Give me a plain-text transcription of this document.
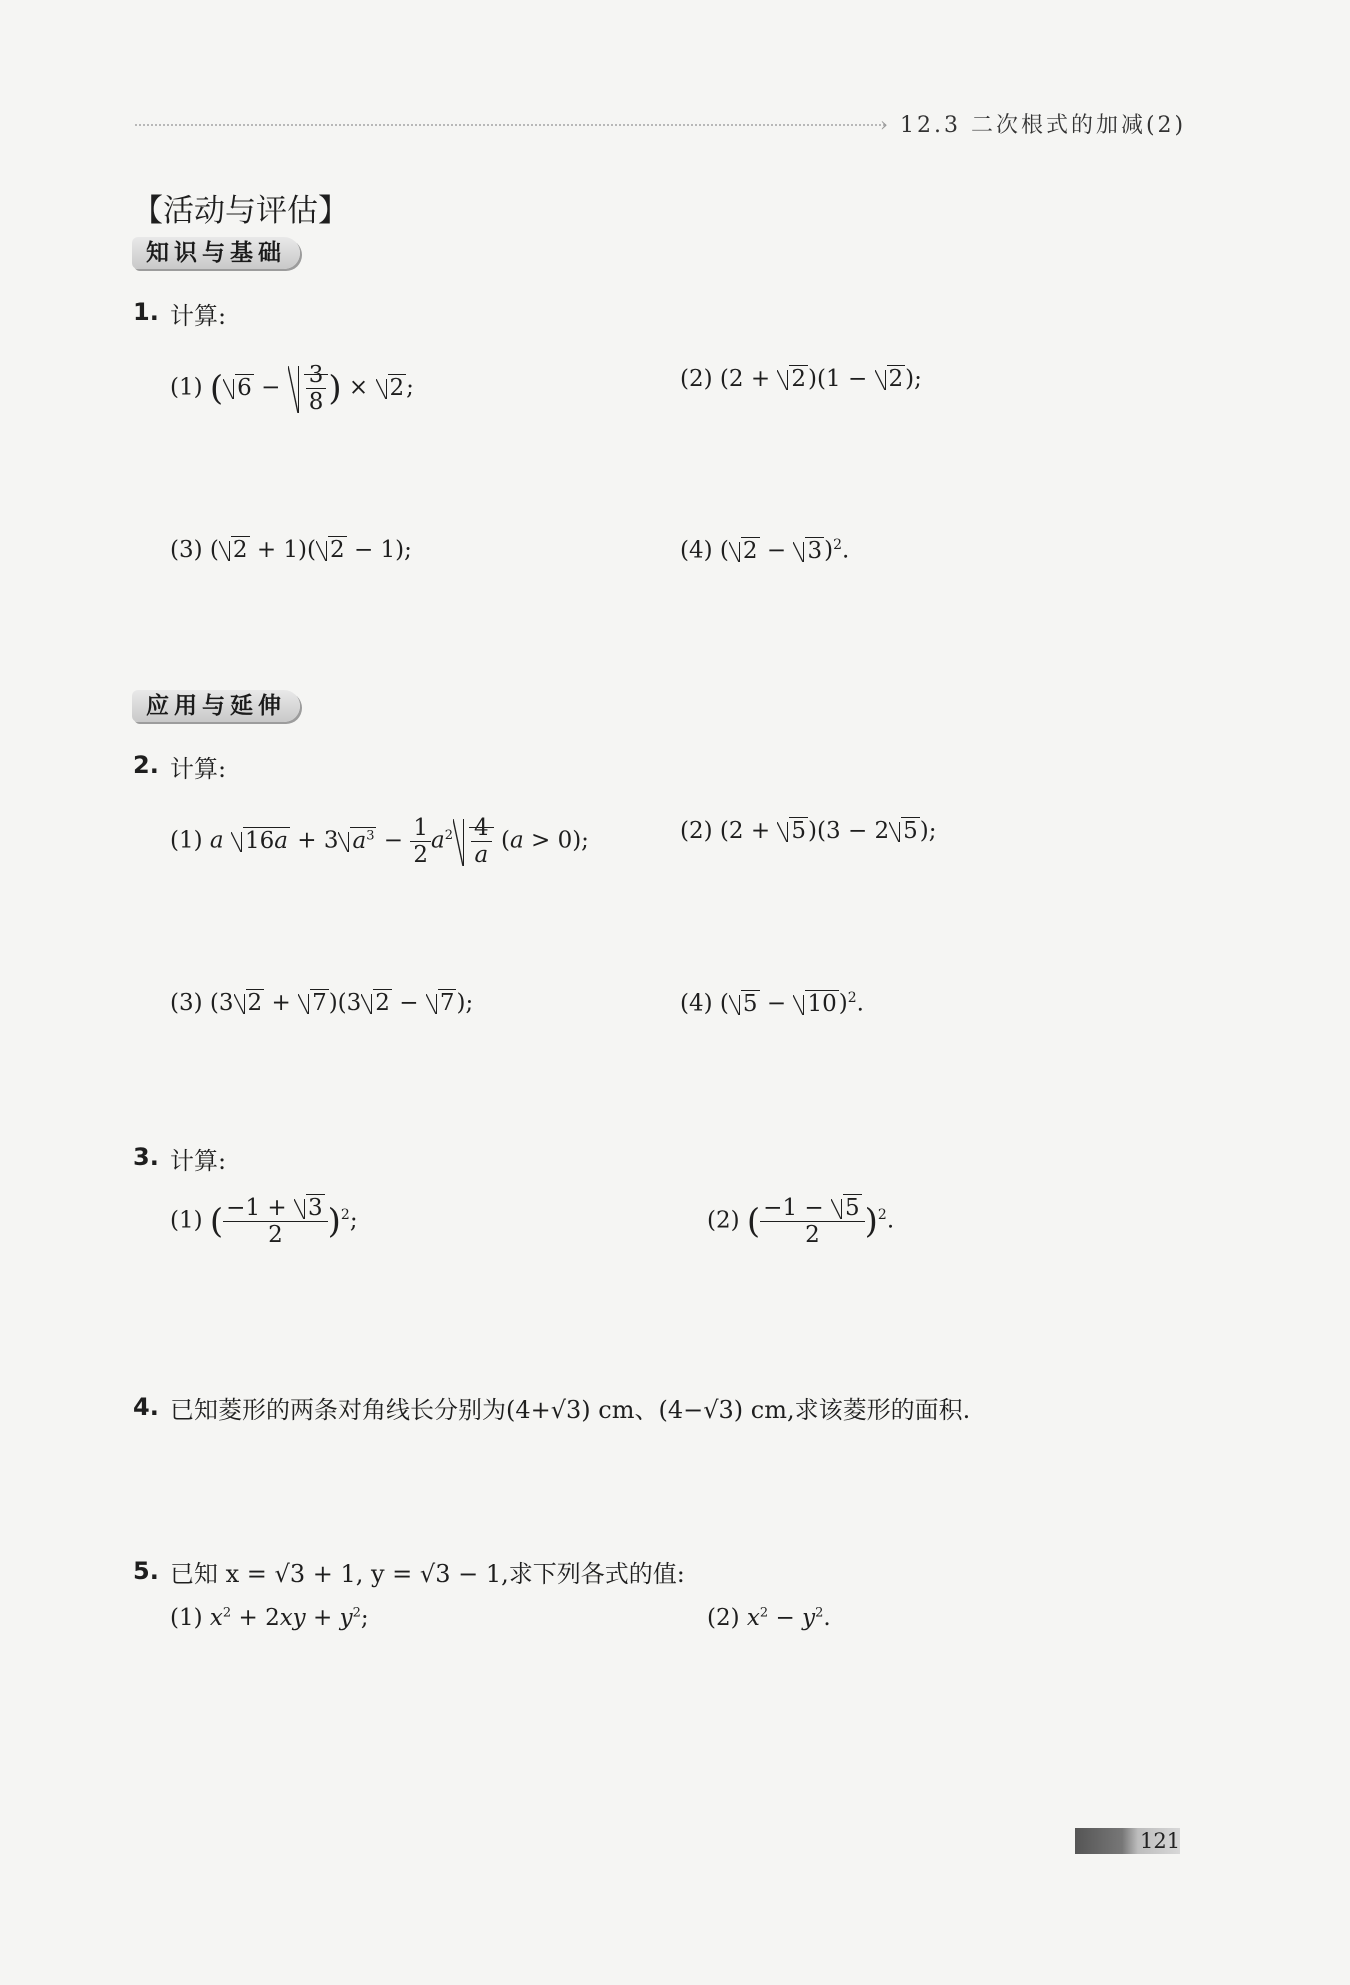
› 12.3 二次根式的加减(2)
【活动与评估】
知识与基础
1. 计算:
(1) ( $6 - \frac{3}{8}$ ) × 2;	(2) (2 + 2)(1 − 2);
(3) ( 2 + 1)( 2 − 1);	(4) ( 2 − 3)$^2$.
应用与延伸
2. 计算:
(1) a 16a + 3 $a^3 - \frac{1}{2} a^2 \frac{4}{a} (a > 0)$;	(2) (2 + 5)(3 − 2 5);
(3) (3 2 + 7)(3 2 − 7);	(4) ( 5 − 10)$^2$.
3. 计算:
(1) ( $\frac{-1 + 3}{2} )^2$;	(2) ( $\frac{-1 - 5}{2} )^2$.
4. 已知菱形的两条对角线长分别为(4+√3) cm、(4−√3) cm,求该菱形的面积.
5. 已知 x = √3 + 1, y = √3 − 1,求下列各式的值:
(1) $x^2 + 2xy + y^2$;	(2) $x^2 - y^2$.
121
